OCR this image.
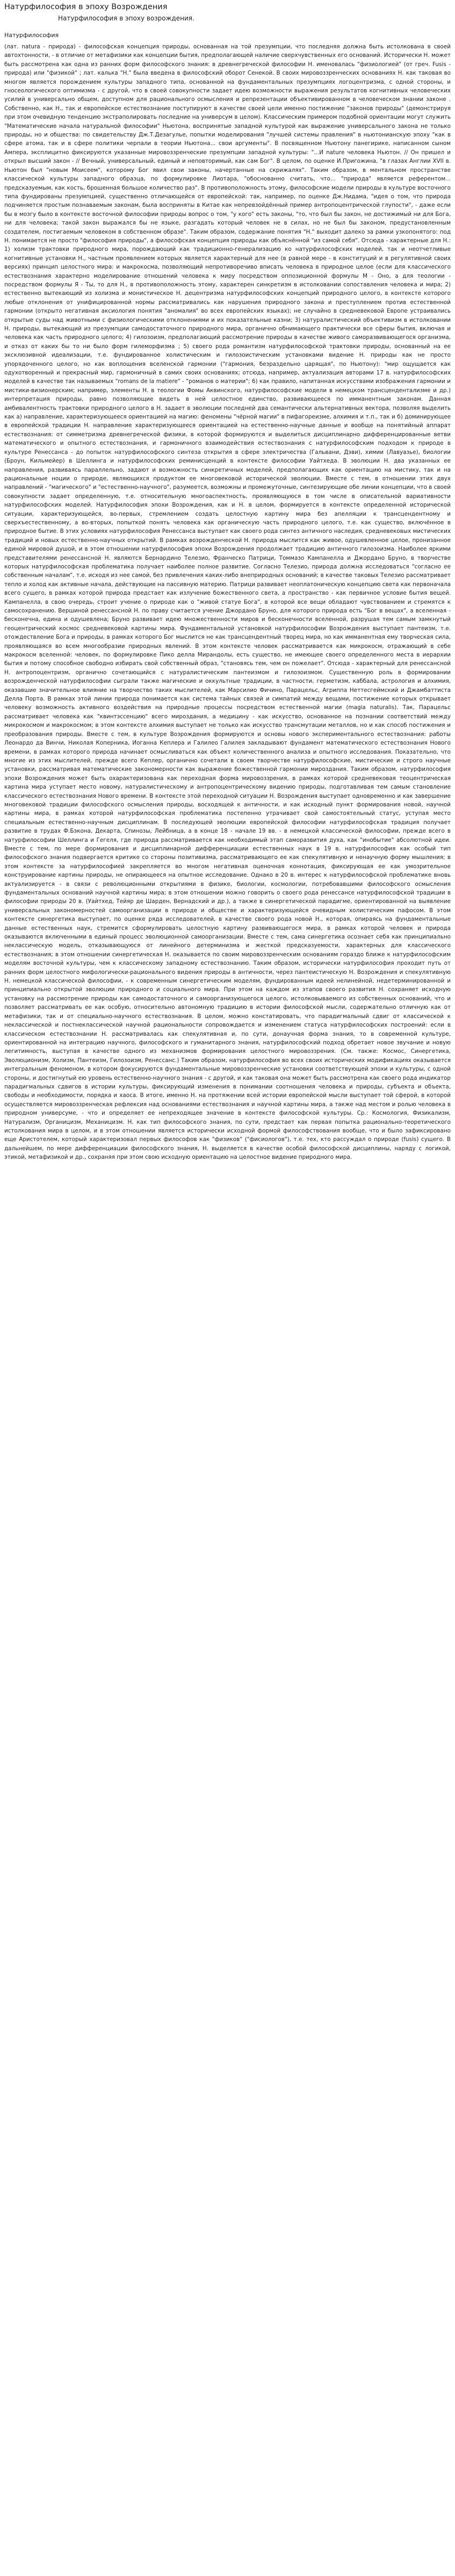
Натурфилософия в эпоху Возрождения
Натурфилософия в эпоху возрождения.
Натурфилософия

(лат. natura - природа) - философская концепция природы, основанная на той презумпции, что последняя должна быть истолкована в своей автохтонности, - в отличие от метафизики как концепции бытия, предполагающей наличие сверхчувственных его оснований. Исторически Н. может быть рассмотрена как одна из ранних форм философского знания: в древнегреческой философии Н. именовалась "физиологией" (от греч. Fusis - природа) или "физикой" ; лат. калька "Н." была введена в философский оборот Сенекой. В своих мировоззренческих основаниях Н. как таковая во многом является порождением культуры западного типа, основанной на фундаментальных презумпциях логоцентризма, с одной стороны, и гносеологического оптимизма - с другой, что в своей совокупности задает идею возможности выражения результатов когнитивных человеческих усилий в универсально общем, доступном для рационального осмысления и репрезентации объективированном в человеческом знании законе . Собственно, как Н., так и европейское естествознание поступируют в качестве своей цели именно постижение "законов природы" (демонстрируя при этом очевидную тенденцию экстраполировать последние на универсум в целом). Классическим примером подобной ориентации могут служить "Математические начала натуральной философии" Ньютона, воспринятые западной культурой как выражение универсального закона не только природы, но и общества: по свидетельству Дж.Т.Дезагулье, попытки моделирования "лучшей системы правления" в ньютонианскую эпоху "как в сфере атома, так и в сфере политики черпали в теории Ньютона... свои аргументы". В посвященном Ньютону панегирике, написанном сыном Ампера, эксплицитно фиксируются указанные мировоззренческие презумпции западной культуры: "...И naturе человека Ньютон. // Он пришел и открыл высший закон - // Вечный, универсальный, единый и неповторимый, как сам Бог". В целом, по оценке И.Пригожина, "в глазах Англии XVII в. Ньютон был "новым Моисеем", которому Бог явил свои законы, начертанные на скрижалях". Таким образом, в ментальном пространстве классической культуры западного образца, по формулировке Лиотара, "обоснованно считать, что... "природа" является референтом... предсказуемым, как кость, брошенная большое количество раз". В противоположность этому, философские модели природы в культуре восточного типа фундированы презумпцией, существенно отличающейся от европейской: так, например, по оценке Дж.Нидама, "идея о том, что природа подчиняется простым познаваемым законам, была восприняты в Китае как непревзойдённый пример антропоцентрической глупости", - даже если бы в мозгу было в контексте восточной философии природы вопрос о том, "у кого" есть законы, "то, что был бы закон, не достижимый ни для Бога, ни для человека; такой закон выражался бы не языке, разгадать который человек не в силах, но не был бы законом, предустановленным создателем, постигаемым человеком в собственном образе". Таким образом, содержание понятия "Н." выходит далеко за рамки узкопонятого: под Н. понимается не просто "философия природы", а философская концепция природы как объяснённой "из самой себя". Отсюда - характерные для Н.: 1) холизм трактовки природного мира, порождающий как традиционно-генерализацию ко натурфилософских моделей, так и неотчетливые когнитивные установки Н., частным проявлением которых является характерный для нее (в равной мере - в конституций и в регулятивной своих версиях) принцип целостного мира: и макрокосма, позволяющий непротиворечиво вписать человека в природное целое (если для классического естествознания характерно моделирование отношений человека к миру посредством оппозиционной формулы М - Оно, а для теологии - посредством формулы Я - Ты, то для Н., в противоположность этому, характерен синкретизм в истолковании сопоставления человека и мира; 2) естественно вытекающий из холизма и монистическое Н. децентризма натурфилософских концепций природного целого, в контексте которого любые отклонения от унифицированной нормы рассматривались как нарушения природного закона и преступлением против естественной гармонии (открыто негативная аксиология понятия "аномалия" во всех европейских языках); не случайно в средневековой Европе устраивались открытые суды над животными с физиологическими отклонениями и их показательные казни; 3) натуралистический объективизм в истолковании Н. природы, вытекающий из презумпции самодостаточного природного мира, органично обнимающего практически все сферы бытия, включая и человека как часть природного целого; 4) гилозоизм, предполагающий рассмотрение природы в качестве живого саморазвивающегося организма, и отказ от каких бы то ни было форм гилеморфизма ; 5) своего рода романтизм натурфилософской трактовки природы, основанный на ее эксклюзивной идеализации, т.е. фундированное холистическим и гилозоистическим установками видение Н. природы как не просто упорядоченного целого, но как воплощения вселенской гармонии ("гармония, безраздельно царящая", по Ньютону): "мир ощущается как одухотворенный и прекрасный мир, гармоничный в самих своих основаниях; отсюда, например, актуализация авторами 17 в. натурфилософских моделей в качестве так называемых "romans de la matiere" - "романов о материи"; 6) как правило, напитанная искусствами изображения гармонии и мистики-визионерским; например, элементы Н. в теологии Фомы Аквинского, натурфилософские модели в немецком трансцендентализме и др.) интерпретация природы, равно позволяющие видеть в ней целостное единство, развивающееся по имманентным законам. Данная амбивалентность трактовки природного целого в Н. задает в эволюции последней два семантически альтернативных вектора, позволяя выделить как а) направление, характеризующееся ориентацией на магию: феномены "чёрной магии" в пифагореизме, алхимия и т.п., так и б) доминирующее в европейской традиции Н. направление характеризующееся ориентацией на естественно-научные данные и вообще на понятийный аппарат естествознания: от симметризма древнегреческой физики, в которой формируются и выделиться дисциплинарно дифференцированные ветви математического и опытного естествознания, и гармоничного взаимодействия естествознания с натурфилософским подходом к природе в культуре Ренессанса - до попыток натурфилософского синтеза открытия в сфере электричества (Гальвани, Дэви), химии (Лавуазье), биологии (Броун, Кильмейер) в Шеллинга и натурфилософских реминисценций в контексте философии Уайтхеда. В эволюции Н. два указанных ее направления, развиваясь параллельно, задают и возможность синкретичных моделей, предполагающих как ориентацию на мистику, так и на рациональные ноции о природе, являющихся продуктом ее многовековой исторической эволюции. Вместе с тем, в отношении этих двух направлений - "магического" и "естественно-научного", разумеется, возможны и промежуточные, синтезирующие обе линии концепции, что в своей совокупности задает определенную, т.е. относительную многоаспектность, проявляющуюся в том числе в описательной вариативности натурфилософских моделей. Натурфилософия эпохи Возрождения, как и Н. в целом, формируется в контексте определенной исторической ситуации, характеризующейся, во-первых, стремлением создать целостную картину мира без апелляции к трансцендентному и сверхъестественному, а во-вторых, попыткой понять человека как органическую часть природного целого, т.е. как существо, включённое в природное бытие. В этих условиях натурфилософия Ренессанса выступает как своего рода синтез античного наследия, средневековых мистических традиций и новых естественно-научных открытий. В рамках возрожденческой Н. природа мыслится как живое, одушевленное целое, пронизанное единой мировой душой, и в этом отношении натурфилософия эпохи Возрождения продолжает традицию античного гилозоизма. Наиболее яркими представителями ренессансной Н. являются Бернардино Телезио, Франческо Патрици, Томмазо Кампанелла и Джордано Бруно, в творчестве которых натурфилософская проблематика получает наиболее полное развитие. Согласно Телезио, природа должна исследоваться "согласно ее собственным началам", т.е. исходя из нее самой, без привлечения каких-либо внеприродных оснований; в качестве таковых Телезио рассматривает тепло и холод как активные начала, действующие на пассивную материю. Патрици развивает неоплатоническую концепцию света как первоначала всего сущего, в рамках которой природа предстает как излучение божественного света, а пространство - как первичное условие бытия вещей. Кампанелла, в свою очередь, строит учение о природе как о "живой статуе Бога", в которой все вещи обладают чувствованием и стремятся к самосохранению. Вершиной ренессансной Н. по праву считается учение Джордано Бруно, для которого природа есть "Бог в вещах", а вселенная - бесконечна, едина и одушевлена; Бруно развивает идею множественности миров и бесконечности вселенной, разрушая тем самым замкнутый геоцентрический космос средневековой картины мира. Фундаментальной установкой натурфилософии Возрождения выступает пантеизм, т.е. отождествление Бога и природы, в рамках которого Бог мыслится не как трансцендентный творец мира, но как имманентная ему творческая сила, проявляющаяся во всем многообразии природных явлений. В этом контексте человек рассматривается как микрокосм, отражающий в себе макрокосм вселенной: человек, по формулировке Пико делла Мирандолы, есть существо, не имеющее своего определенного места в иерархии бытия и потому способное свободно избирать свой собственный образ, "становясь тем, чем он пожелает". Отсюда - характерный для ренессансной Н. антропоцентризм, органично сочетающийся с натуралистическим пантеизмом и гилозоизмом. Существенную роль в формировании возрожденческой натурфилософии сыграли также магические и оккультные традиции, в частности, герметизм, каббала, астрология и алхимия, оказавшие значительное влияние на творчество таких мыслителей, как Марсилио Фичино, Парацельс, Агриппа Неттесгеймский и Джамбаттиста Делла Порта. В рамках этой линии природа понимается как система тайных связей и симпатий между вещами, постижение которых открывает человеку возможность активного воздействия на природные процессы посредством естественной магии (magia naturalis). Так, Парацельс рассматривает человека как "квинтэссенцию" всего мироздания, а медицину - как искусство, основанное на познании соответствий между микрокосмом и макрокосмом; в этом контексте алхимия выступает не только как искусство трансмутации металлов, но и как способ постижения и преобразования природы. Вместе с тем, в культуре Возрождения формируются и основы нового экспериментального естествознания: работы Леонардо да Винчи, Николая Коперника, Иоганна Кеплера и Галилео Галилея закладывают фундамент математического естествознания Нового времени, в рамках которого природа начинает осмысливаться как объект количественного анализа и опытного исследования. Показательно, что многие из этих мыслителей, прежде всего Кеплер, органично сочетали в своем творчестве натурфилософские, мистические и строго научные установки, рассматривая математические закономерности как выражение божественной гармонии мироздания. Таким образом, натурфилософия эпохи Возрождения может быть охарактеризована как переходная форма мировоззрения, в рамках которой средневековая теоцентрическая картина мира уступает место новому, натуралистическому и антропоцентрическому видению природы, подготавливая тем самым становление классического естествознания Нового времени. В контексте этой переходной ситуации Н. Возрождения выступает одновременно и как завершение многовековой традиции философского осмысления природы, восходящей к античности, и как исходный пункт формирования новой, научной картины мира, в рамках которой натурфилософская проблематика постепенно утрачивает свой самостоятельный статус, уступая место специальным естественно-научным дисциплинам. В последующей эволюции европейской философии натурфилософская традиция получает развитие в трудах Ф.Бэкона, Декарта, Спинозы, Лейбница, а в конце 18 - начале 19 вв. - в немецкой классической философии, прежде всего в натурфилософии Шеллинга и Гегеля, где природа рассматривается как необходимый этап саморазвития духа, как "инобытие" абсолютной идеи. Вместе с тем, по мере формирования и дисциплинарной дифференциации естественных наук в 19 в. натурфилософия как особый тип философского знания подвергается критике со стороны позитивизма, рассматривающего ее как спекулятивную и ненаучную форму мышления; в этом контексте за натурфилософией закрепляется во многом негативная оценочная коннотация, фиксирующая ее как умозрительное конструирование картины природы, не опирающееся на опытное исследование. Однако в 20 в. интерес к натурфилософской проблематике вновь актуализируется - в связи с революционными открытиями в физике, биологии, космологии, потребовавшими философского осмысления фундаментальных оснований научной картины мира; в этом отношении можно говорить о своего рода ренессансе натурфилософской традиции в философии природы 20 в. (Уайтхед, Тейяр де Шарден, Вернадский и др.), а также в синергетической парадигме, ориентированной на выявление универсальных закономерностей самоорганизации в природе и обществе и характеризующейся очевидным холистическим пафосом. В этом контексте синергетика выступает, по оценке ряда исследователей, в качестве своего рода новой Н., которая, опираясь на фундаментальные данные естественных наук, стремится сформулировать целостную картину развивающегося мира, в рамках которой человек и природа оказываются включенными в единый процесс эволюционной самоорганизации. Вместе с тем, сама синергетика осознает себя как принципиально неклассическую модель, отказывающуюся от линейного детерминизма и жесткой предсказуемости, характерных для классического естествознания; в этом отношении синергетическая Н. оказывается по своим мировоззренческим основаниям гораздо ближе к натурфилософским моделям восточной культуры, чем к классическому западному естествознанию. Таким образом, исторически натурфилософия проходит путь от ранних форм целостного мифологически-рационального видения природы в античности, через пантеистическую Н. Возрождения и спекулятивную Н. немецкой классической философии, - к современным синергетическим моделям, фундированным идеей нелинейной, недетерминированной и принципиально открытой эволюции природного и социального мира. При этом на каждом из этапов своего развития Н. сохраняет исходную установку на рассмотрение природы как самодостаточного и самоорганизующегося целого, истолковываемого из собственных оснований, что и позволяет рассматривать ее как особую, относительно автономную традицию в истории философской мысли, содержательно отличную как от метафизики, так и от специально-научного естествознания. В целом, можно констатировать, что парадигмальный сдвиг от классической к неклассической и постнеклассической научной рациональности сопровождается и изменением статуса натурфилософских построений: если в классическом естествознании Н. рассматривалась как спекулятивная и, по сути, донаучная форма знания, то в современной культуре, ориентированной на интеграцию научного, философского и гуманитарного знания, натурфилософский подход обретает новое звучание и новую легитимность, выступая в качестве одного из механизмов формирования целостного мировоззрения. (См. также: Космос, Синергетика, Эволюционизм, Холизм, Пантеизм, Гилозоизм, Ренессанс.) Таким образом, натурфилософия во всех своих исторических модификациях оказывается интегральным феноменом, в котором фокусируются фундаментальные мировоззренческие установки соответствующей эпохи и культуры, с одной стороны, и достигнутый ею уровень естественно-научного знания - с другой, и как таковая она может быть рассмотрена как своего рода индикатор парадигмальных сдвигов в истории культуры, фиксирующий изменения в понимании соотношения человека и природы, субъекта и объекта, свободы и необходимости, порядка и хаоса. В итоге, именно Н. на протяжении всей истории европейской мысли выступает той сферой, в которой осуществляется мировоззренческая рефлексия над основаниями естествознания и научной картины мира, а также над местом и ролью человека в природном универсуме, - что и определяет ее непреходящее значение в контексте философской культуры. Ср.: Космология, Физикализм, Натурализм, Органицизм, Механицизм. Н. как тип философского знания, по сути, предстает как первая попытка рационально-теоретического истолкования мира в целом, и в этом отношении является исторически исходной формой философствования вообще, что и было зафиксировано еще Аристотелем, который характеризовал первых философов как "физиков" ("фисиологов"), т.е. тех, кто рассуждал о природе (fusis) сущего. В дальнейшем, по мере дифференциации философского знания, Н. выделяется в качестве особой философской дисциплины, наряду с логикой, этикой, метафизикой и др., сохраняя при этом свою исходную ориентацию на целостное видение природного мира.
